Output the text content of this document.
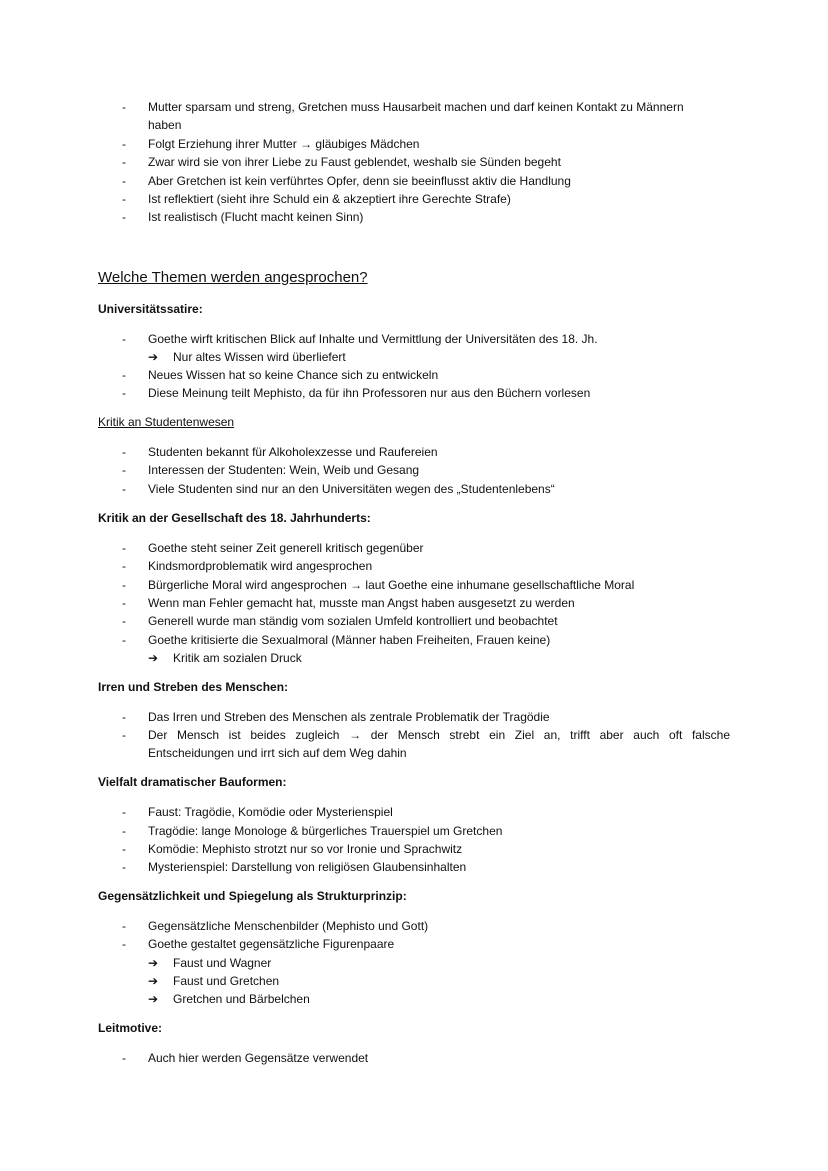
-	Mutter sparsam und streng, Gretchen muss Hausarbeit machen und darf keinen Kontakt zu Männern
haben
-	Folgt Erziehung ihrer Mutter → gläubiges Mädchen
-	Zwar wird sie von ihrer Liebe zu Faust geblendet, weshalb sie Sünden begeht
-	Aber Gretchen ist kein verführtes Opfer, denn sie beeinflusst aktiv die Handlung
-	Ist reflektiert (sieht ihre Schuld ein & akzeptiert ihre Gerechte Strafe)
-	Ist realistisch (Flucht macht keinen Sinn)
Welche Themen werden angesprochen?
Universitätssatire:
-	Goethe wirft kritischen Blick auf Inhalte und Vermittlung der Universitäten des 18. Jh.
➔ Nur altes Wissen wird überliefert
-	Neues Wissen hat so keine Chance sich zu entwickeln
-	Diese Meinung teilt Mephisto, da für ihn Professoren nur aus den Büchern vorlesen
Kritik an Studentenwesen
-	Studenten bekannt für Alkoholexzesse und Raufereien
-	Interessen der Studenten: Wein, Weib und Gesang
-	Viele Studenten sind nur an den Universitäten wegen des „Studentenlebens“
Kritik an der Gesellschaft des 18. Jahrhunderts:
-	Goethe steht seiner Zeit generell kritisch gegenüber
-	Kindsmordproblematik wird angesprochen
-	Bürgerliche Moral wird angesprochen → laut Goethe eine inhumane gesellschaftliche Moral
-	Wenn man Fehler gemacht hat, musste man Angst haben ausgesetzt zu werden
-	Generell wurde man ständig vom sozialen Umfeld kontrolliert und beobachtet
-	Goethe kritisierte die Sexualmoral (Männer haben Freiheiten, Frauen keine)
➔ Kritik am sozialen Druck
Irren und Streben des Menschen:
-	Das Irren und Streben des Menschen als zentrale Problematik der Tragödie
-	Der Mensch ist beides zugleich → der Mensch strebt ein Ziel an, trifft aber auch oft falsche
Entscheidungen und irrt sich auf dem Weg dahin
Vielfalt dramatischer Bauformen:
-	Faust: Tragödie, Komödie oder Mysterienspiel
-	Tragödie: lange Monologe & bürgerliches Trauerspiel um Gretchen
-	Komödie: Mephisto strotzt nur so vor Ironie und Sprachwitz
-	Mysterienspiel: Darstellung von religiösen Glaubensinhalten
Gegensätzlichkeit und Spiegelung als Strukturprinzip:
-	Gegensätzliche Menschenbilder (Mephisto und Gott)
-	Goethe gestaltet gegensätzliche Figurenpaare
➔ Faust und Wagner
➔ Faust und Gretchen
➔ Gretchen und Bärbelchen
Leitmotive:
-	Auch hier werden Gegensätze verwendet
